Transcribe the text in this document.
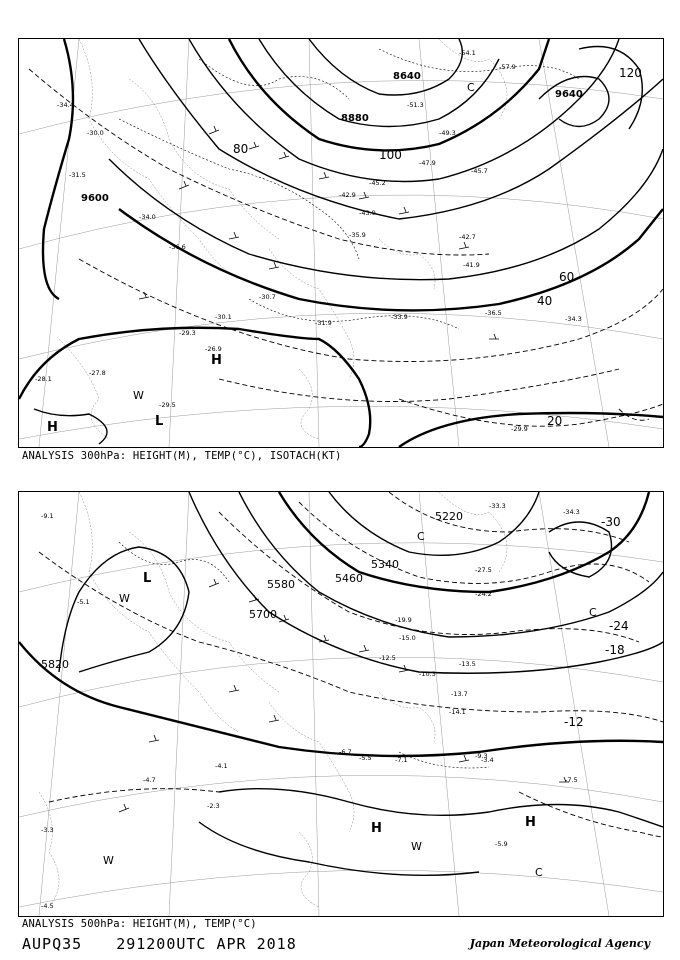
9600
8880
8640
9640
20
40
60
80	100
120
H
H	L
C
W
-34.4
-30.0
-31.5
-29.3
-26.9
-28.1
-27.8
-29.5
-34.0
-36.6
-33.9
-29.9
-34.3
-36.5
-41.9
-42.7
-45.7
-47.9
-49.3
-51.3
-54.1
-57.9
-42.9
-43.9
-45.2
-35.9
-31.9
-30.7
-30.1
ANALYSIS 300hPa: HEIGHT(M), TEMP(°C), ISOTACH(KT)
5820
5580	5460
5340
5220
5700
-12
-18
-24
-30
L
W
H	H
W
C
C
C
W
-5.9
-3.4
-4.5
-7.5
-9.3
-7.1
-14.1
-13.7
-13.5
-27.5
-24.2
-34.3
-33.3
-19.9
-15.0
-12.5
-10.3
-5.5
-6.7
-4.1
-2.3
-4.7
-3.3
-9.1
-5.1
ANALYSIS 500hPa: HEIGHT(M), TEMP(°C)
AUPQ35 291200UTC APR 2018	Japan Meteorological Agency
